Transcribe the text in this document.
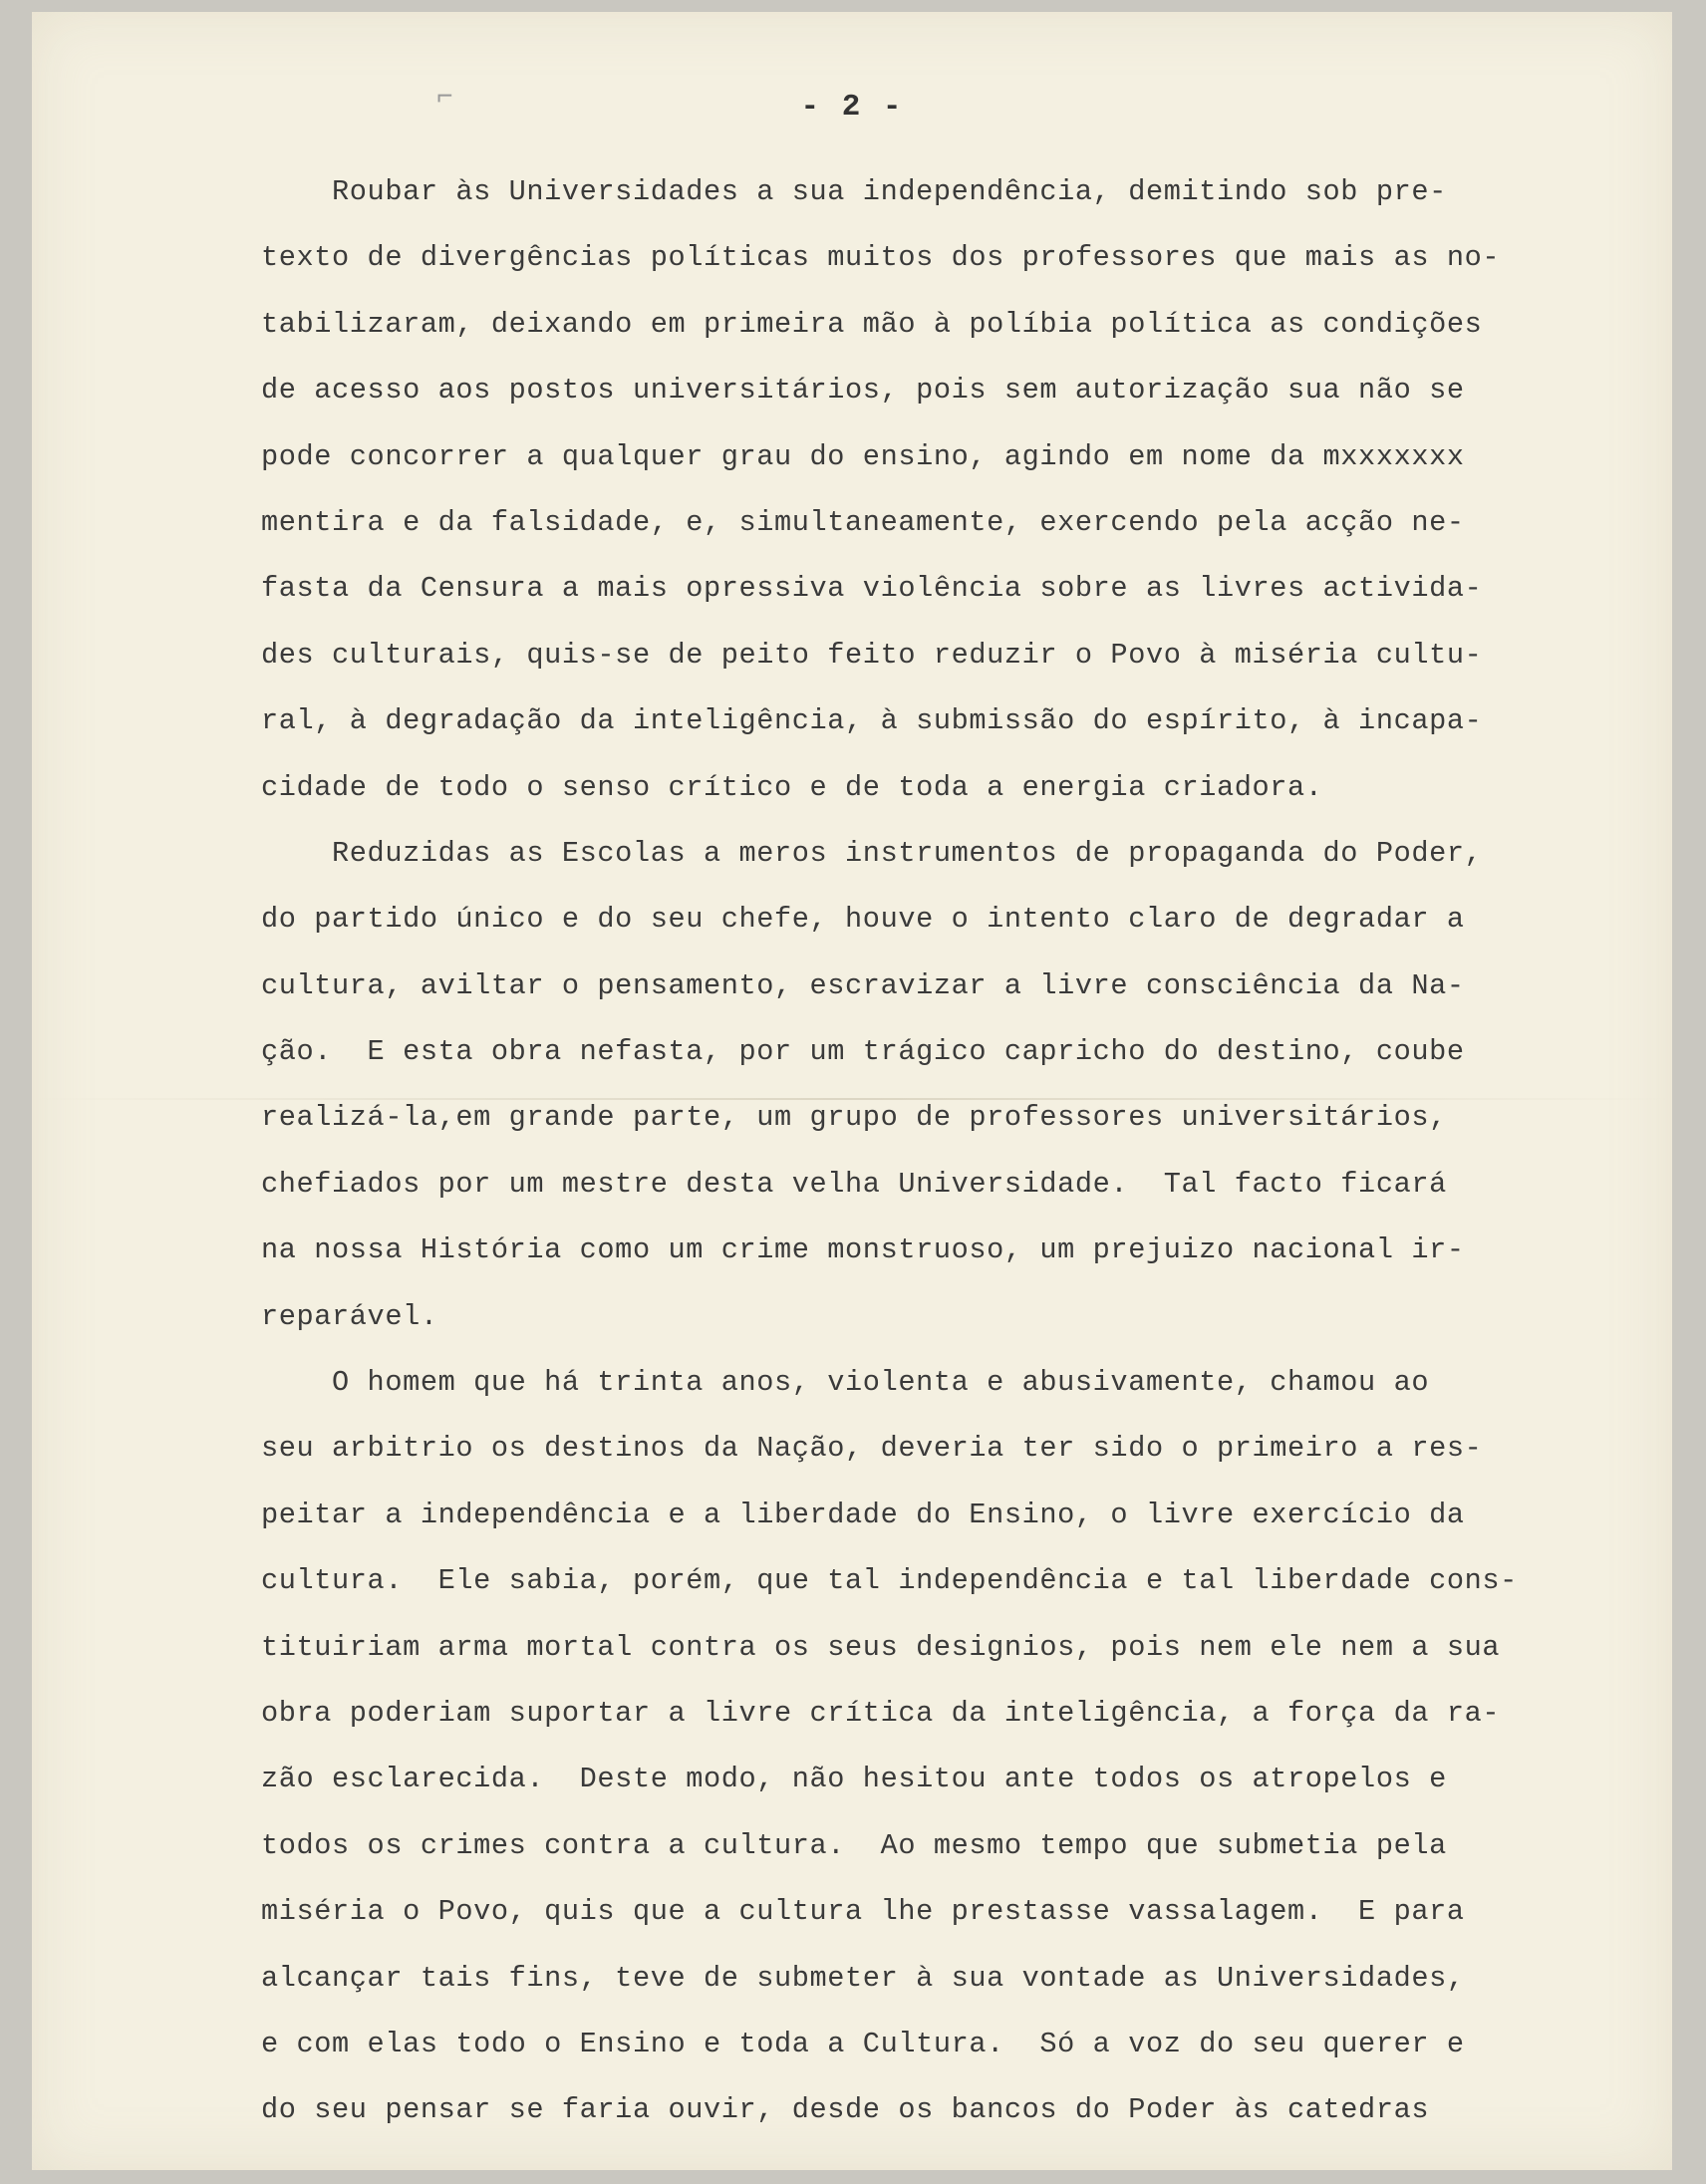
⌐	- 2 -
Roubar às Universidades a sua independência, demitindo sob pre-
texto de divergências políticas muitos dos professores que mais as no-
tabilizaram, deixando em primeira mão à políbia política as condições
de acesso aos postos universitários, pois sem autorização sua não se
pode concorrer a qualquer grau do ensino, agindo em nome da mxxxxxxx
mentira e da falsidade, e, simultaneamente, exercendo pela acção ne-
fasta da Censura a mais opressiva violência sobre as livres activida-
des culturais, quis-se de peito feito reduzir o Povo à miséria cultu-
ral, à degradação da inteligência, à submissão do espírito, à incapa-
cidade de todo o senso crítico e de toda a energia criadora.
Reduzidas as Escolas a meros instrumentos de propaganda do Poder,
do partido único e do seu chefe, houve o intento claro de degradar a
cultura, aviltar o pensamento, escravizar a livre consciência da Na-
ção.  E esta obra nefasta, por um trágico capricho do destino, coube
realizá-la,em grande parte, um grupo de professores universitários,
chefiados por um mestre desta velha Universidade.  Tal facto ficará
na nossa História como um crime monstruoso, um prejuizo nacional ir-
reparável.
O homem que há trinta anos, violenta e abusivamente, chamou ao
seu arbitrio os destinos da Nação, deveria ter sido o primeiro a res-
peitar a independência e a liberdade do Ensino, o livre exercício da
cultura.  Ele sabia, porém, que tal independência e tal liberdade cons-
tituiriam arma mortal contra os seus designios, pois nem ele nem a sua
obra poderiam suportar a livre crítica da inteligência, a força da ra-
zão esclarecida.  Deste modo, não hesitou ante todos os atropelos e
todos os crimes contra a cultura.  Ao mesmo tempo que submetia pela
miséria o Povo, quis que a cultura lhe prestasse vassalagem.  E para
alcançar tais fins, teve de submeter à sua vontade as Universidades,
e com elas todo o Ensino e toda a Cultura.  Só a voz do seu querer e
do seu pensar se faria ouvir, desde os bancos do Poder às catedras
